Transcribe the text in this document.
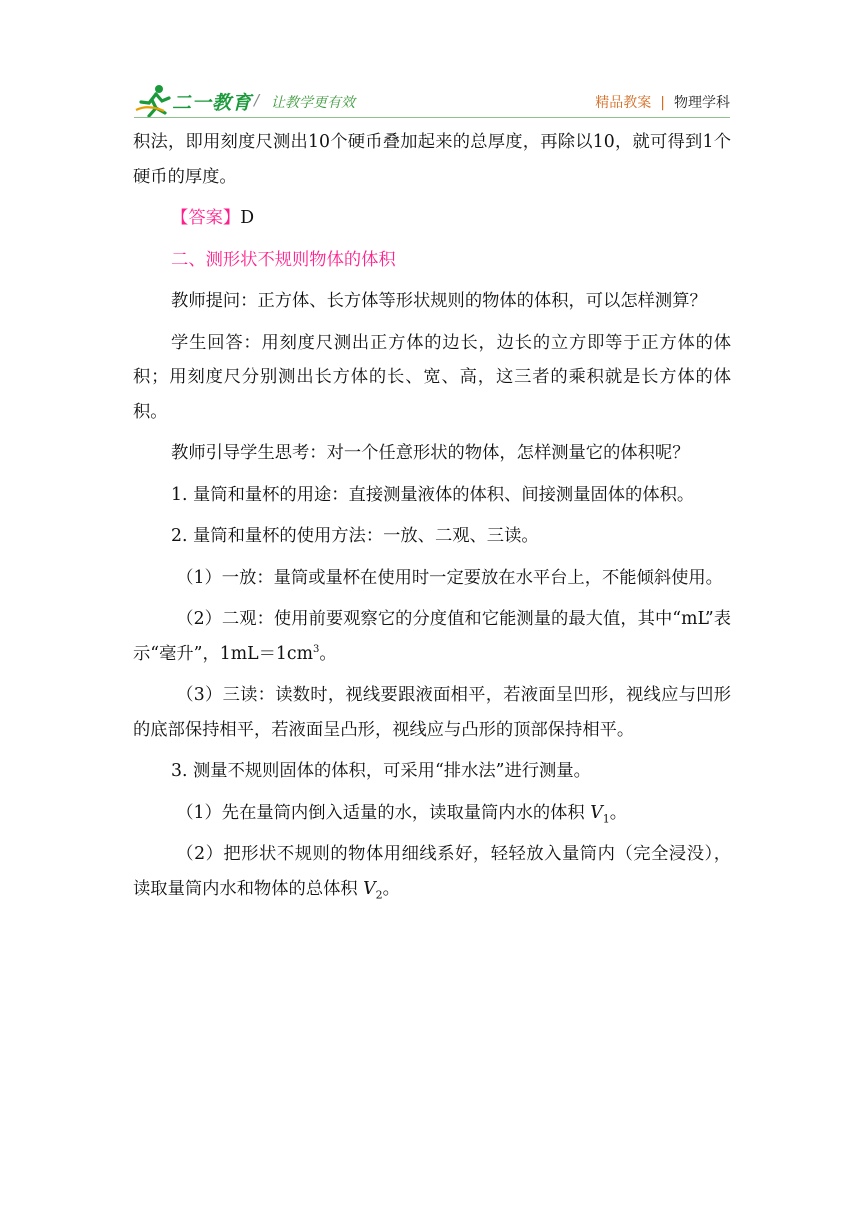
二一教育 / 让教学更有效	精品教案 | 物理学科

积法，即用刻度尺测出10个硬币叠加起来的总厚度，再除以10，就可得到1个硬币的厚度。

【答案】D

二、测形状不规则物体的体积

教师提问：正方体、长方体等形状规则的物体的体积，可以怎样测算？

学生回答：用刻度尺测出正方体的边长，边长的立方即等于正方体的体积；用刻度尺分别测出长方体的长、宽、高，这三者的乘积就是长方体的体积。

教师引导学生思考：对一个任意形状的物体，怎样测量它的体积呢？

1. 量筒和量杯的用途：直接测量液体的体积、间接测量固体的体积。

2. 量筒和量杯的使用方法：一放、二观、三读。

（1）一放：量筒或量杯在使用时一定要放在水平台上，不能倾斜使用。

（2）二观：使用前要观察它的分度值和它能测量的最大值，其中“mL”表示“毫升”，$1mL=1cm^3$。

（3）三读：读数时，视线要跟液面相平，若液面呈凹形，视线应与凹形的底部保持相平，若液面呈凸形，视线应与凸形的顶部保持相平。

3. 测量不规则固体的体积，可采用“排水法”进行测量。

（1）先在量筒内倒入适量的水，读取量筒内水的体积 $V_1$。

（2）把形状不规则的物体用细线系好，轻轻放入量筒内（完全浸没），读取量筒内水和物体的总体积 $V_2$。
